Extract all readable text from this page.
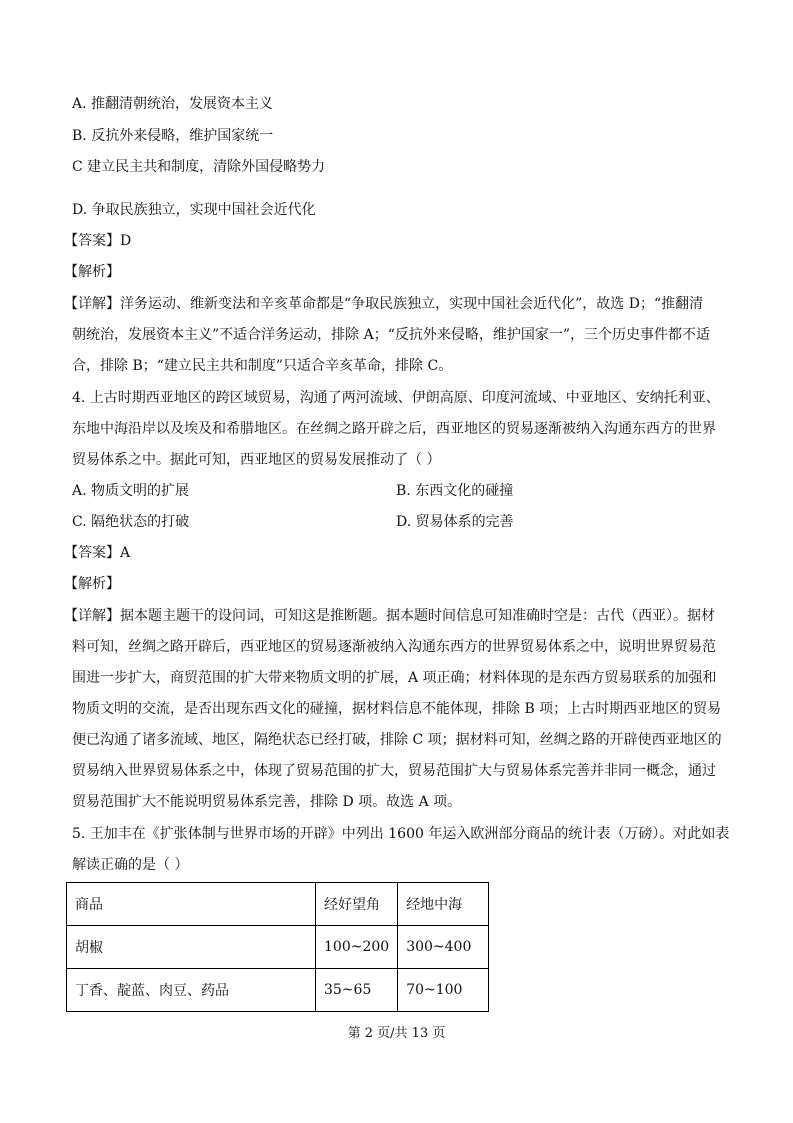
A. 推翻清朝统治，发展资本主义
B. 反抗外来侵略，维护国家统一
C 建立民主共和制度，清除外国侵略势力
D. 争取民族独立，实现中国社会近代化
【答案】D
【解析】
【详解】洋务运动、维新变法和辛亥革命都是“争取民族独立，实现中国社会近代化”，故选 D；“推翻清
朝统治，发展资本主义”不适合洋务运动，排除 A；“反抗外来侵略，维护国家一”，三个历史事件都不适
合，排除 B；“建立民主共和制度”只适合辛亥革命，排除 C。
4. 上古时期西亚地区的跨区域贸易，沟通了两河流域、伊朗高原、印度河流域、中亚地区、安纳托利亚、
东地中海沿岸以及埃及和希腊地区。在丝绸之路开辟之后，西亚地区的贸易逐渐被纳入沟通东西方的世界
贸易体系之中。据此可知，西亚地区的贸易发展推动了（ ）
A. 物质文明的扩展	B. 东西文化的碰撞
C. 隔绝状态的打破	D. 贸易体系的完善
【答案】A
【解析】
【详解】据本题主题干的设问词，可知这是推断题。据本题时间信息可知准确时空是：古代（西亚）。据材
料可知，丝绸之路开辟后，西亚地区的贸易逐渐被纳入沟通东西方的世界贸易体系之中，说明世界贸易范
围进一步扩大，商贸范围的扩大带来物质文明的扩展，A 项正确；材料体现的是东西方贸易联系的加强和
物质文明的交流，是否出现东西文化的碰撞，据材料信息不能体现，排除 B 项；上古时期西亚地区的贸易
便已沟通了诸多流域、地区，隔绝状态已经打破，排除 C 项；据材料可知，丝绸之路的开辟使西亚地区的
贸易纳入世界贸易体系之中，体现了贸易范围的扩大，贸易范围扩大与贸易体系完善并非同一概念，通过
贸易范围扩大不能说明贸易体系完善，排除 D 项。故选 A 项。
5. 王加丰在《扩张体制与世界市场的开辟》中列出 1600 年运入欧洲部分商品的统计表（万磅）。对此如表
解读正确的是（ ）
商品	经好望角	经地中海
胡椒	100~200	300~400
丁香、靛蓝、肉豆、药品	35~65	70~100
第 2 页/共 13 页
